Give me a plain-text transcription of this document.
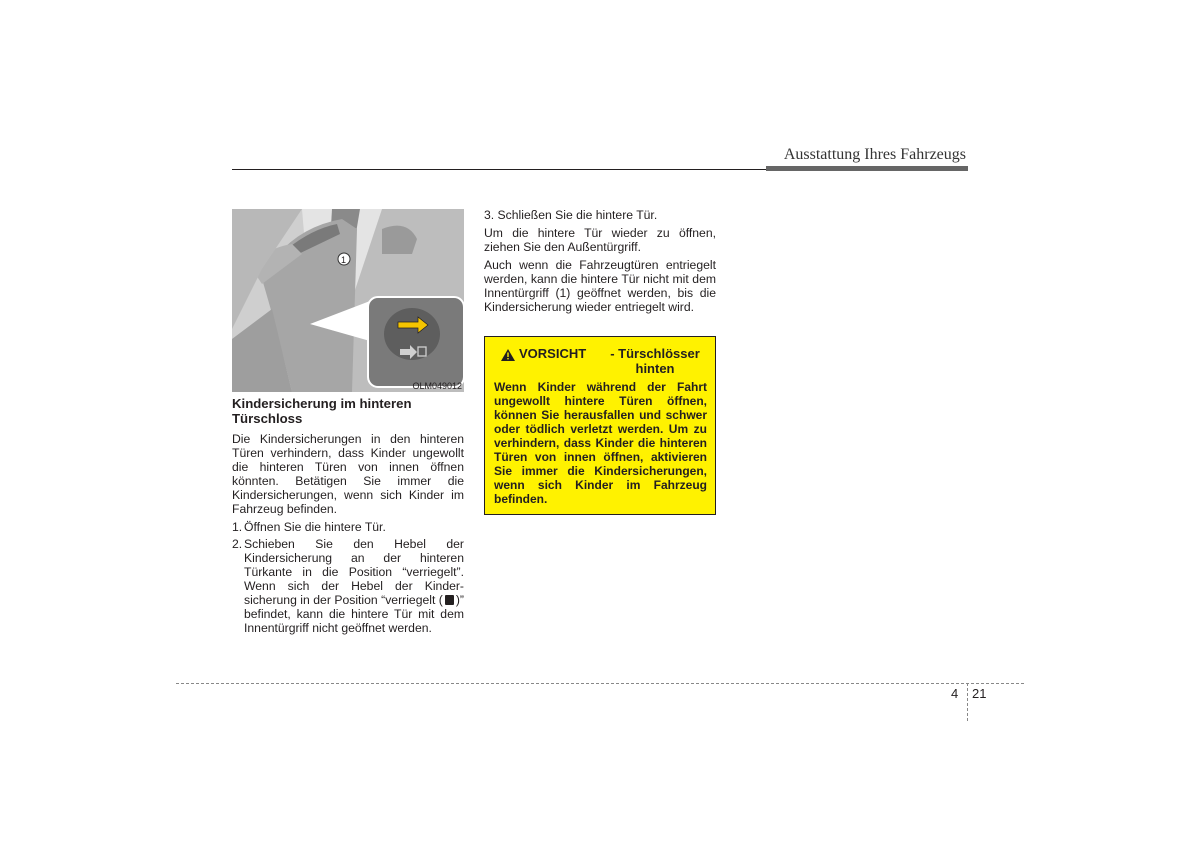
Ausstattung Ihres Fahrzeugs
1
OLM049012
Kindersicherung im hinteren Türschloss
Die Kindersicherungen in den hinteren Türen verhindern, dass Kinder ungewollt die hinteren Türen von innen öffnen könnten. Betätigen Sie immer die Kindersicherungen, wenn sich Kinder im Fahrzeug befinden.
1. Öffnen Sie die hintere Tür.
2. Schieben Sie den Hebel der Kindersicherung an der hinteren Türkante in die Position “verriegelt”. Wenn sich der Hebel der Kinder-sicherung in der Position “verriegelt ( )” befindet, kann die hintere Tür mit dem Innentürgriff nicht geöffnet werden.
3. Schließen Sie die hintere Tür.
Um die hintere Tür wieder zu öffnen, ziehen Sie den Außentürgriff.
Auch wenn die Fahrzeugtüren entriegelt werden, kann die hintere Tür nicht mit dem Innentürgriff (1) geöffnet werden, bis die Kindersicherung wieder entriegelt wird.
VORSICHT	- Türschlösser hinten
Wenn Kinder während der Fahrt ungewollt hintere Türen öffnen, können Sie herausfallen und schwer oder tödlich verletzt werden. Um zu verhindern, dass Kinder die hinteren Türen von innen öffnen, aktivieren Sie immer die Kindersicherungen, wenn sich Kinder im Fahrzeug befinden.
4 21
